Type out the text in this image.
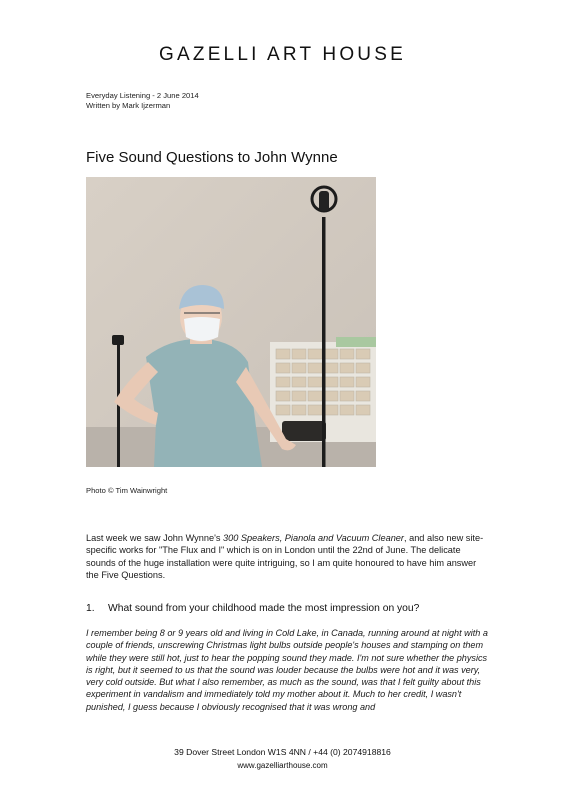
GAZELLI ART HOUSE
Everyday Listening - 2 June 2014
Written by Mark Ijzerman
Five Sound Questions to John Wynne
Photo © Tim Wainwright
Last week we saw John Wynne's 300 Speakers, Pianola and Vacuum Cleaner, and also new site-specific works for "The Flux and I" which is on in London until the 22nd of June. The delicate sounds of the huge installation were quite intriguing, so I am quite honoured to have him answer the Five Questions.
1. What sound from your childhood made the most impression on you?
I remember being 8 or 9 years old and living in Cold Lake, in Canada, running around at night with a couple of friends, unscrewing Christmas light bulbs outside people's houses and stamping on them while they were still hot, just to hear the popping sound they made. I'm not sure whether the physics is right, but it seemed to us that the sound was louder because the bulbs were hot and it was very, very cold outside. But what I also remember, as much as the sound, was that I felt guilty about this experiment in vandalism and immediately told my mother about it. Much to her credit, I wasn't punished, I guess because I obviously recognised that it was wrong and
39 Dover Street London W1S 4NN / +44 (0) 2074918816
www.gazelliarthouse.com
